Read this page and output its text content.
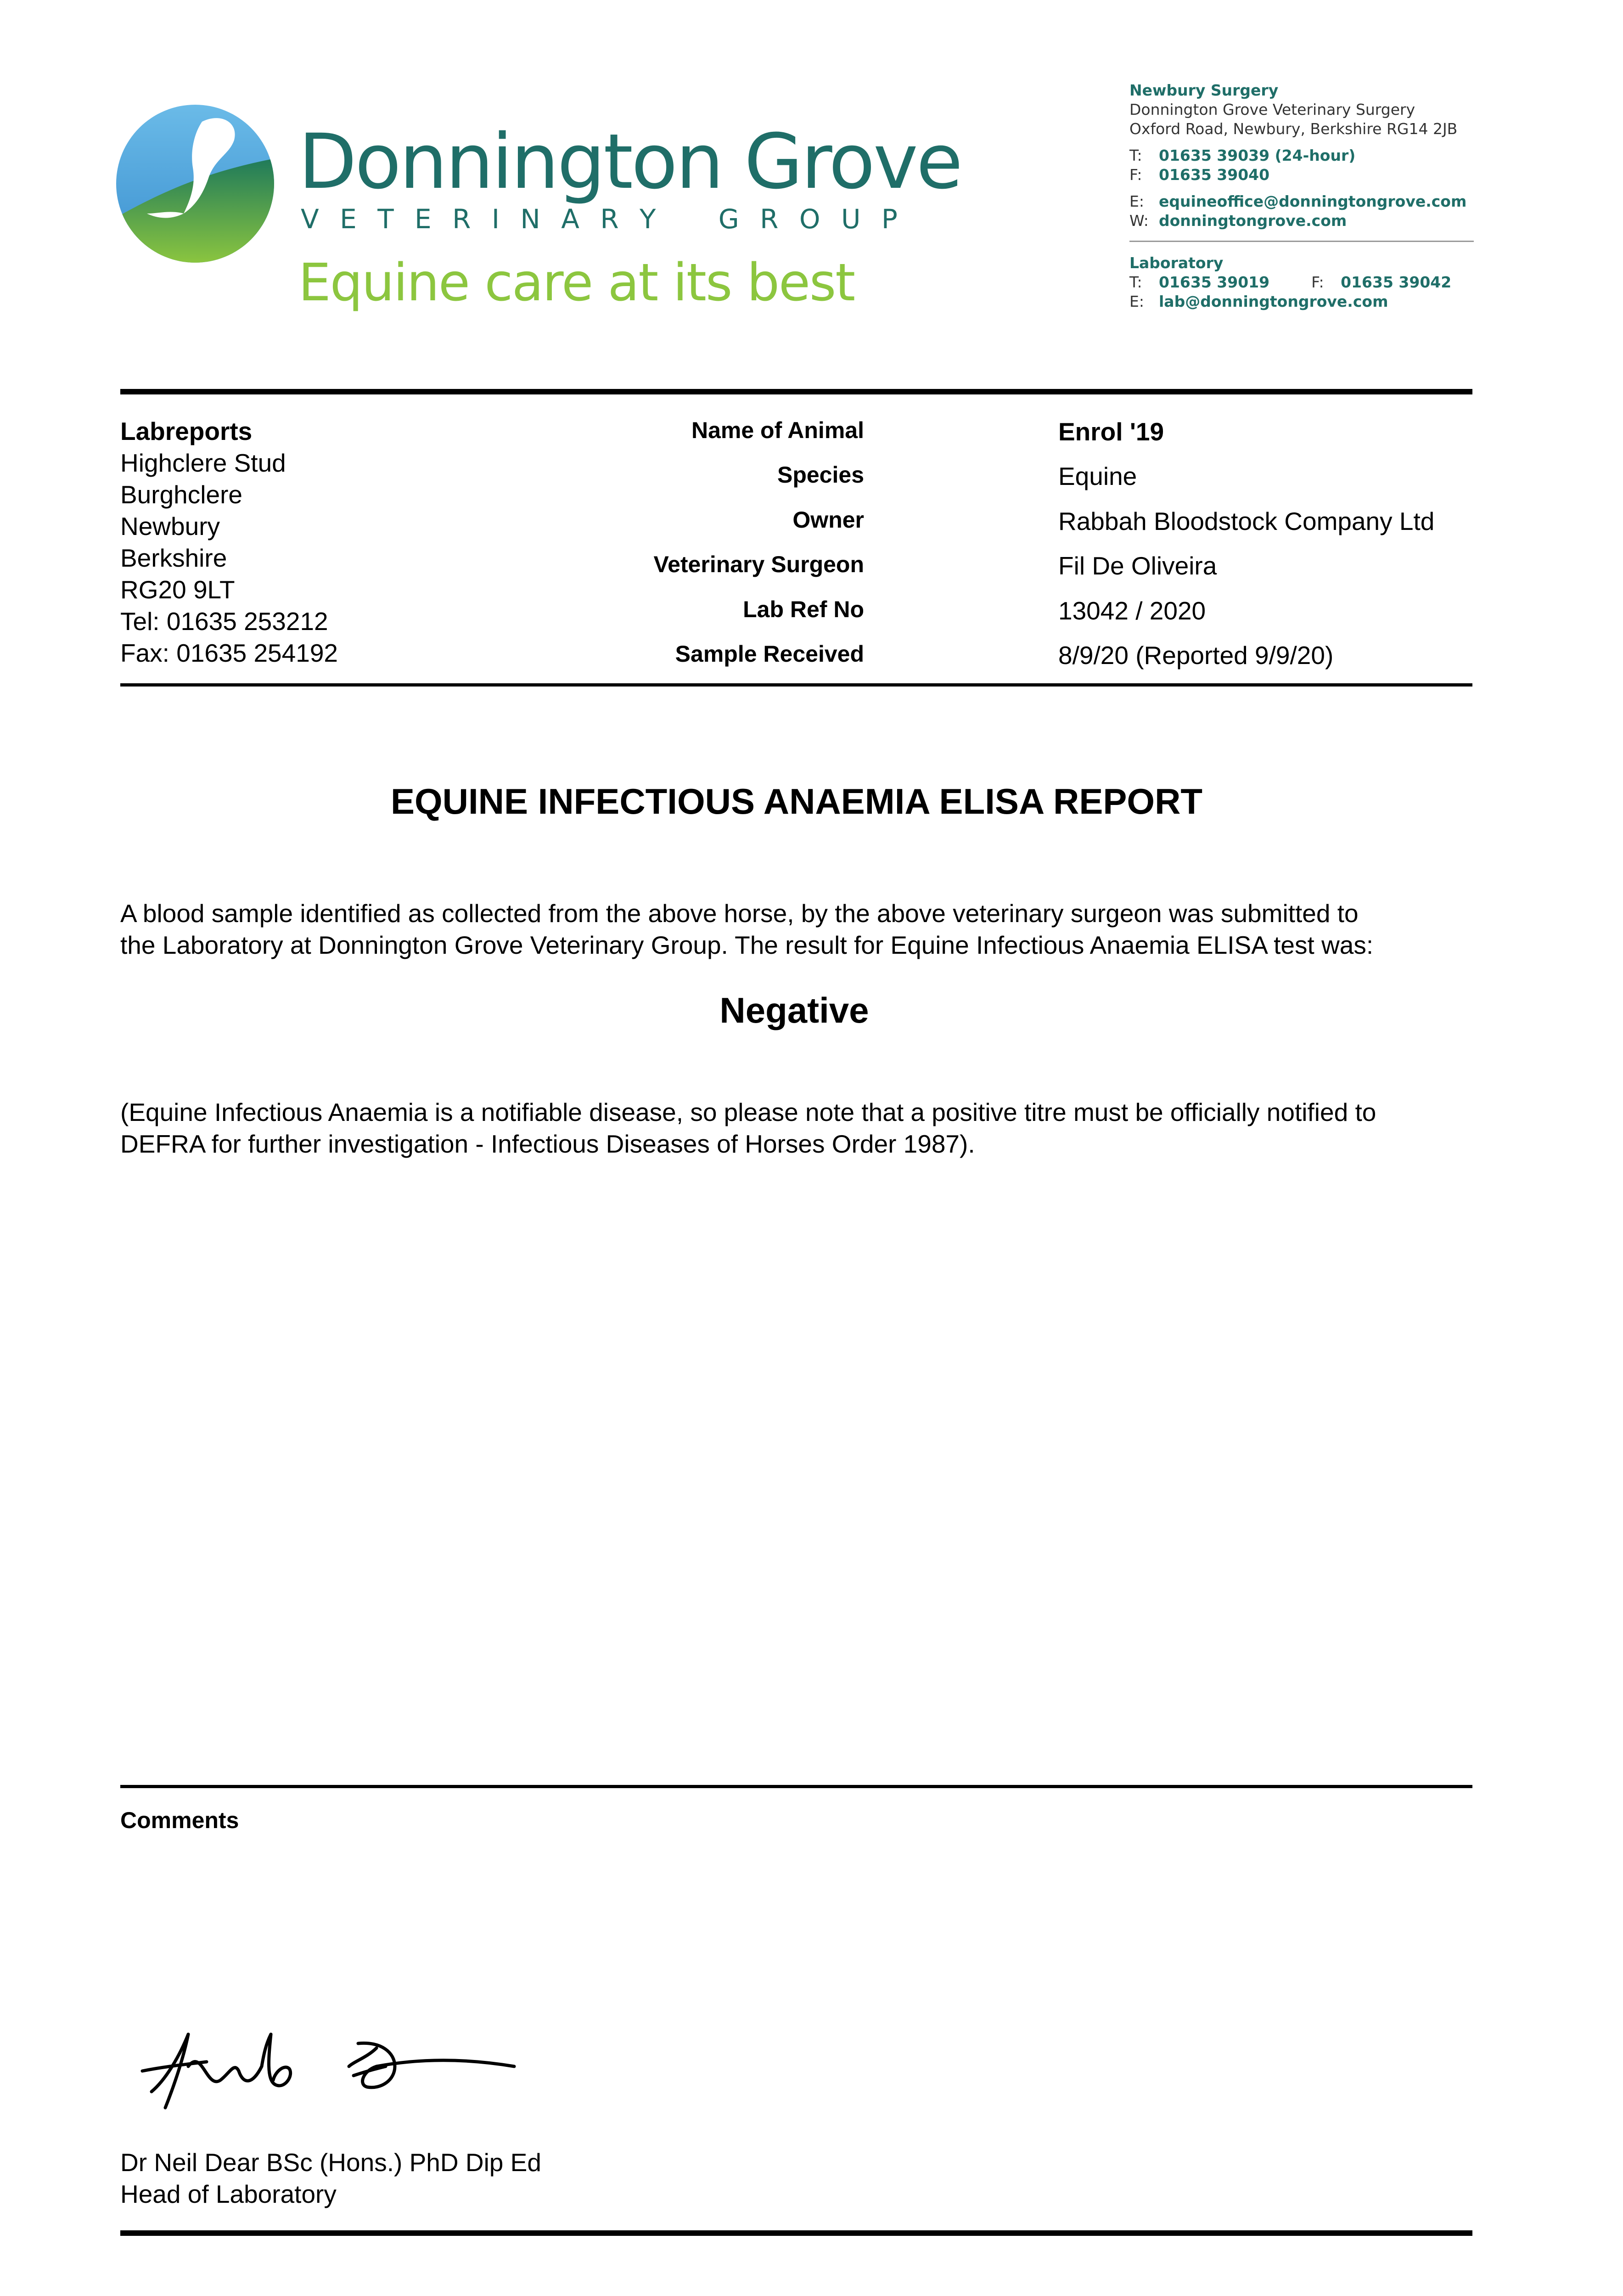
Donnington Grove
V E T E R I N A R Y G R O U P
Equine care at its best
Newbury Surgery
Donnington Grove Veterinary Surgery
Oxford Road, Newbury, Berkshire RG14 2JB
T: 01635 39039 (24-hour)
F: 01635 39040
E: equineoffice@donningtongrove.com
W: donningtongrove.com
Laboratory
T: 01635 39019	F: 01635 39042
E: lab@donningtongrove.com
Labreports
Highclere Stud
Burghclere
Newbury
Berkshire
RG20 9LT
Tel: 01635 253212
Fax: 01635 254192
Name of Animal	Enrol '19
Species	Equine
Owner	Rabbah Bloodstock Company Ltd
Veterinary Surgeon	Fil De Oliveira
Lab Ref No	13042 / 2020
Sample Received	8/9/20 (Reported 9/9/20)
EQUINE INFECTIOUS ANAEMIA ELISA REPORT
A blood sample identified as collected from the above horse, by the above veterinary surgeon was submitted to
the Laboratory at Donnington Grove Veterinary Group. The result for Equine Infectious Anaemia ELISA test was:
Negative
(Equine Infectious Anaemia is a notifiable disease, so please note that a positive titre must be officially notified to
DEFRA for further investigation - Infectious Diseases of Horses Order 1987).
Comments
Dr Neil Dear BSc (Hons.) PhD Dip Ed
Head of Laboratory
